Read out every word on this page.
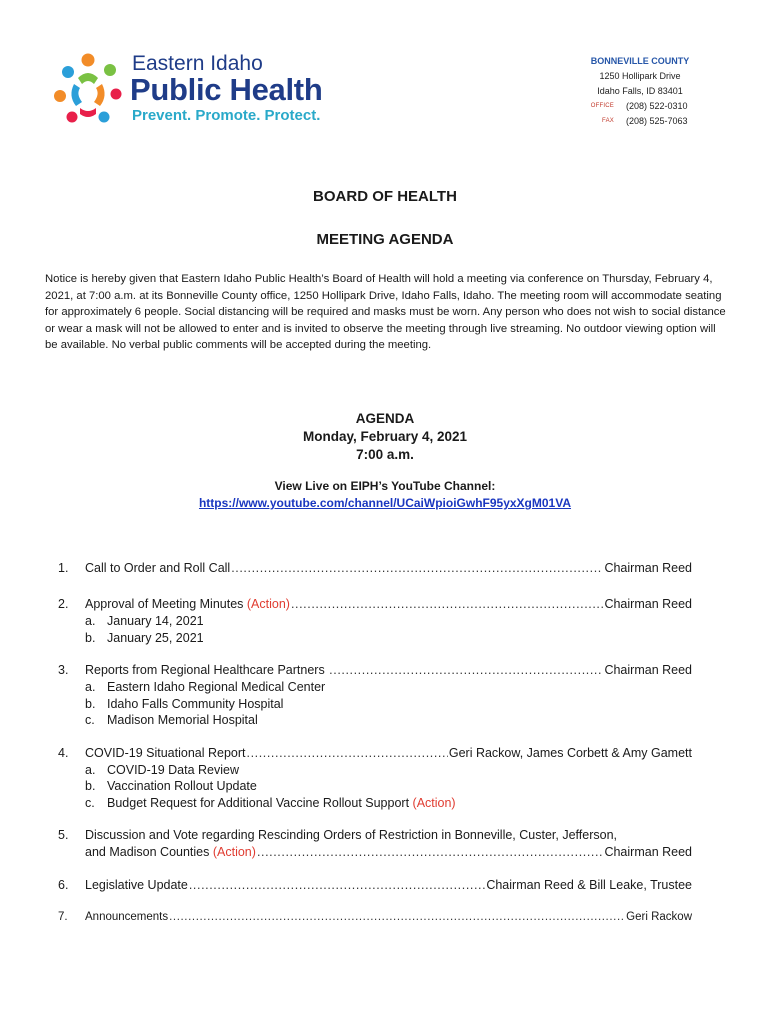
Eastern Idaho
Public Health
Prevent. Promote. Protect.
BONNEVILLE COUNTY
1250 Hollipark Drive
Idaho Falls, ID 83401
OFFICE	(208) 522-0310
FAX	(208) 525-7063
BOARD OF HEALTH
MEETING AGENDA
Notice is hereby given that Eastern Idaho Public Health’s Board of Health will hold a meeting via conference on Thursday, February 4, 2021, at 7:00 a.m. at its Bonneville County office, 1250 Hollipark Drive, Idaho Falls, Idaho. The meeting room will accommodate seating for approximately 6 people. Social distancing will be required and masks must be worn. Any person who does not wish to social distance or wear a mask will not be allowed to enter and is invited to observe the meeting through live streaming. No outdoor viewing option will be available. No verbal public comments will be accepted during the meeting.
AGENDA
Monday, February 4, 2021
7:00 a.m.
View Live on EIPH’s YouTube Channel:
https://www.youtube.com/channel/UCaiWpioiGwhF95yxXgM01VA
1.	Call to Order and Roll Call .....	Chairman Reed
2.	Approval of Meeting Minutes (Action) .....	Chairman Reed
a. January 14, 2021
b. January 25, 2021
3.	Reports from Regional Healthcare Partners .....	Chairman Reed
a. Eastern Idaho Regional Medical Center
b. Idaho Falls Community Hospital
c. Madison Memorial Hospital
4.	COVID-19 Situational Report .....	Geri Rackow, James Corbett & Amy Gamett
a. COVID-19 Data Review
b. Vaccination Rollout Update
c. Budget Request for Additional Vaccine Rollout Support (Action)
5.	Discussion and Vote regarding Rescinding Orders of Restriction in Bonneville, Custer, Jefferson,
and Madison Counties (Action) .....	Chairman Reed
6.	Legislative Update .....	Chairman Reed & Bill Leake, Trustee
7.	Announcements .....	Geri Rackow
